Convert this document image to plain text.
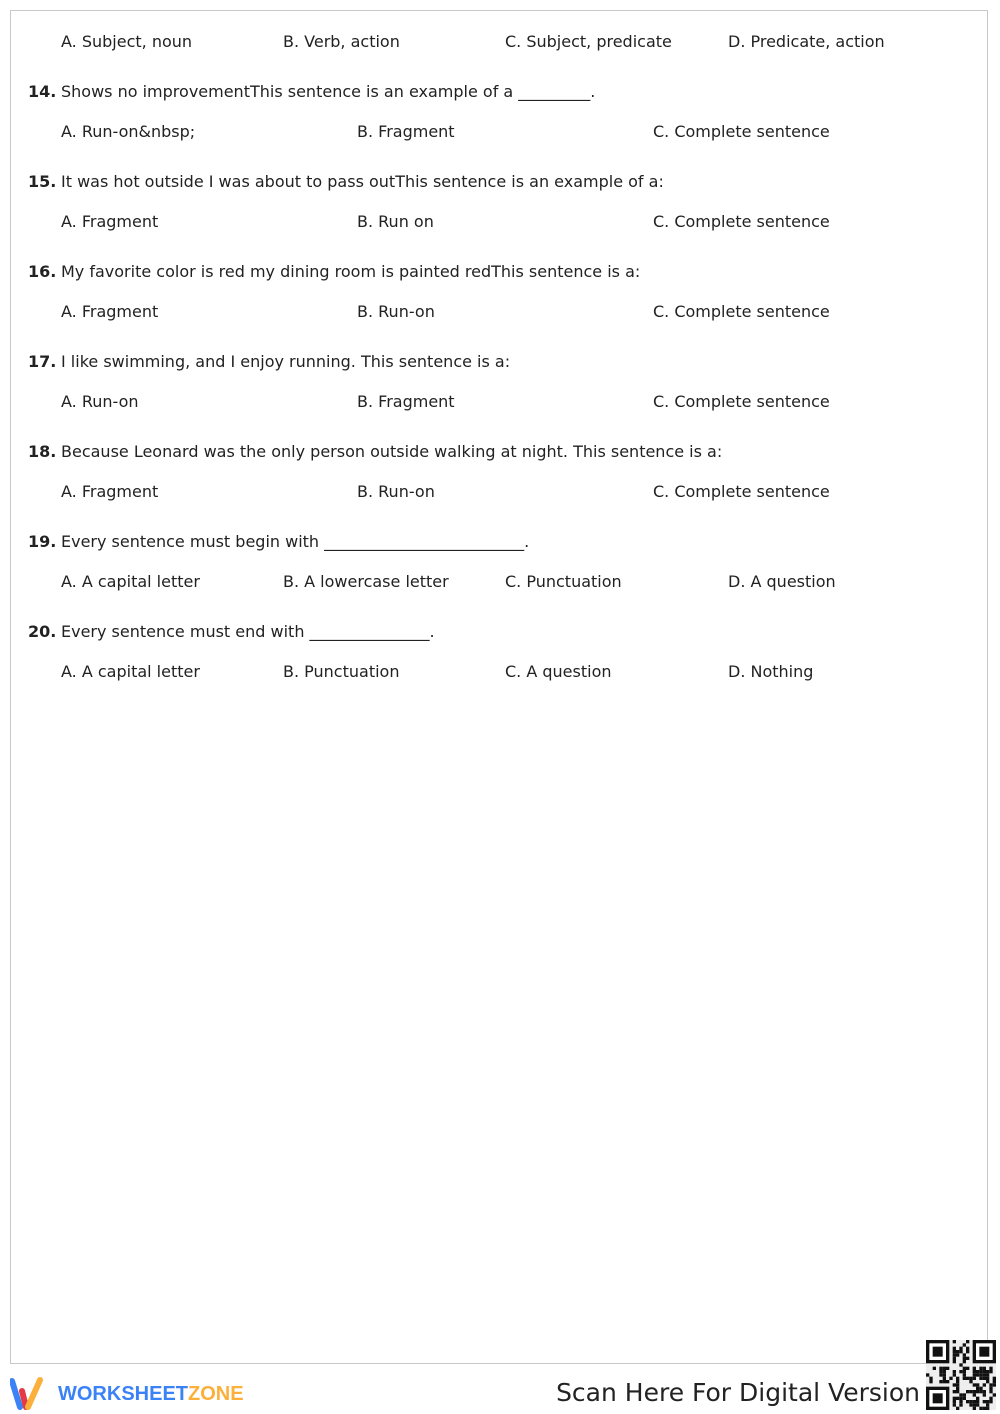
A. Subject, noun	B. Verb, action	C. Subject, predicate	D. Predicate, action
14. Shows no improvementThis sentence is an example of a _________.
A. Run-on&nbsp;	B. Fragment	C. Complete sentence
15. It was hot outside I was about to pass outThis sentence is an example of a:
A. Fragment	B. Run on	C. Complete sentence
16. My favorite color is red my dining room is painted redThis sentence is a:
A. Fragment	B. Run-on	C. Complete sentence
17. I like swimming, and I enjoy running. This sentence is a:
A. Run-on	B. Fragment	C. Complete sentence
18. Because Leonard was the only person outside walking at night. This sentence is a:
A. Fragment	B. Run-on	C. Complete sentence
19. Every sentence must begin with _________________________.
A. A capital letter	B. A lowercase letter	C. Punctuation	D. A question
20. Every sentence must end with _______________.
A. A capital letter	B. Punctuation	C. A question	D. Nothing
WORKSHEETZONE	Scan Here For Digital Version
